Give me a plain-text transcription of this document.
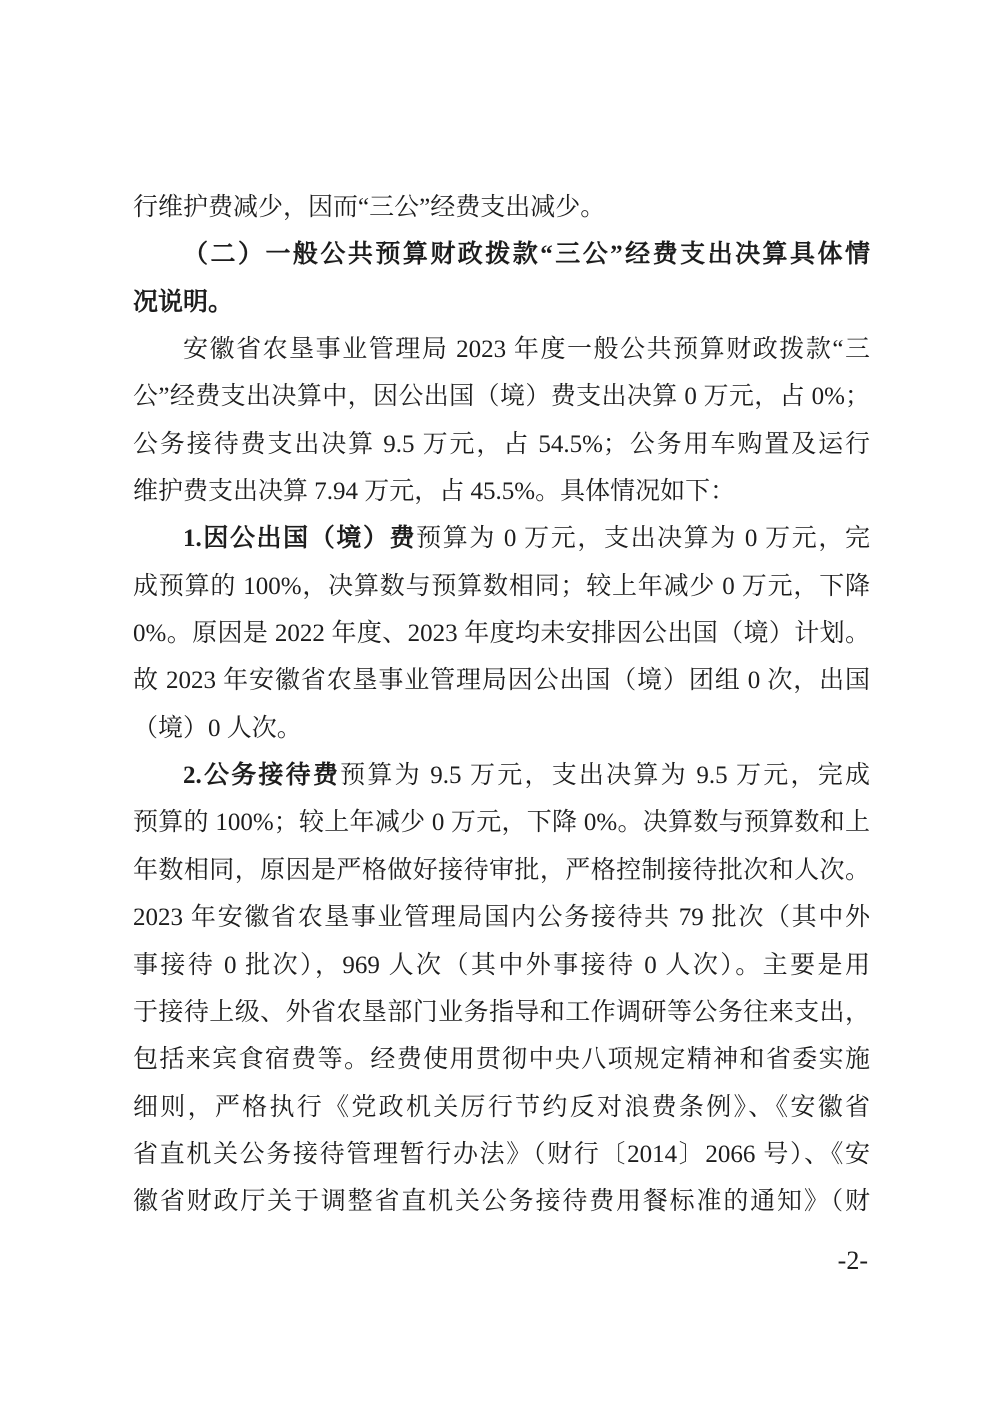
行维护费减少，因而“三公”经费支出减少。
（二）一般公共预算财政拨款“三公”经费支出决算具体情
况说明。
安徽省农垦事业管理局 2023 年度一般公共预算财政拨款“三
公”经费支出决算中，因公出国（境）费支出决算 0 万元，占 0%；
公务接待费支出决算 9.5 万元，占 54.5%；公务用车购置及运行
维护费支出决算 7.94 万元，占 45.5%。具体情况如下：
1.因公出国（境）费预算为 0 万元，支出决算为 0 万元，完
成预算的 100%，决算数与预算数相同；较上年减少 0 万元，下降
0%。原因是 2022 年度、2023 年度均未安排因公出国（境）计划。
故 2023 年安徽省农垦事业管理局因公出国（境）团组 0 次，出国
（境）0 人次。
2.公务接待费预算为 9.5 万元，支出决算为 9.5 万元，完成
预算的 100%；较上年减少 0 万元，下降 0%。决算数与预算数和上
年数相同，原因是严格做好接待审批，严格控制接待批次和人次。
2023 年安徽省农垦事业管理局国内公务接待共 79 批次（其中外
事接待 0 批次），969 人次（其中外事接待 0 人次）。主要是用
于接待上级、外省农垦部门业务指导和工作调研等公务往来支出，
包括来宾食宿费等。经费使用贯彻中央八项规定精神和省委实施
细则，严格执行《党政机关厉行节约反对浪费条例》、《安徽省
省直机关公务接待管理暂行办法》（财行〔2014〕2066 号）、《安
徽省财政厅关于调整省直机关公务接待费用餐标准的通知》（财
-2-
